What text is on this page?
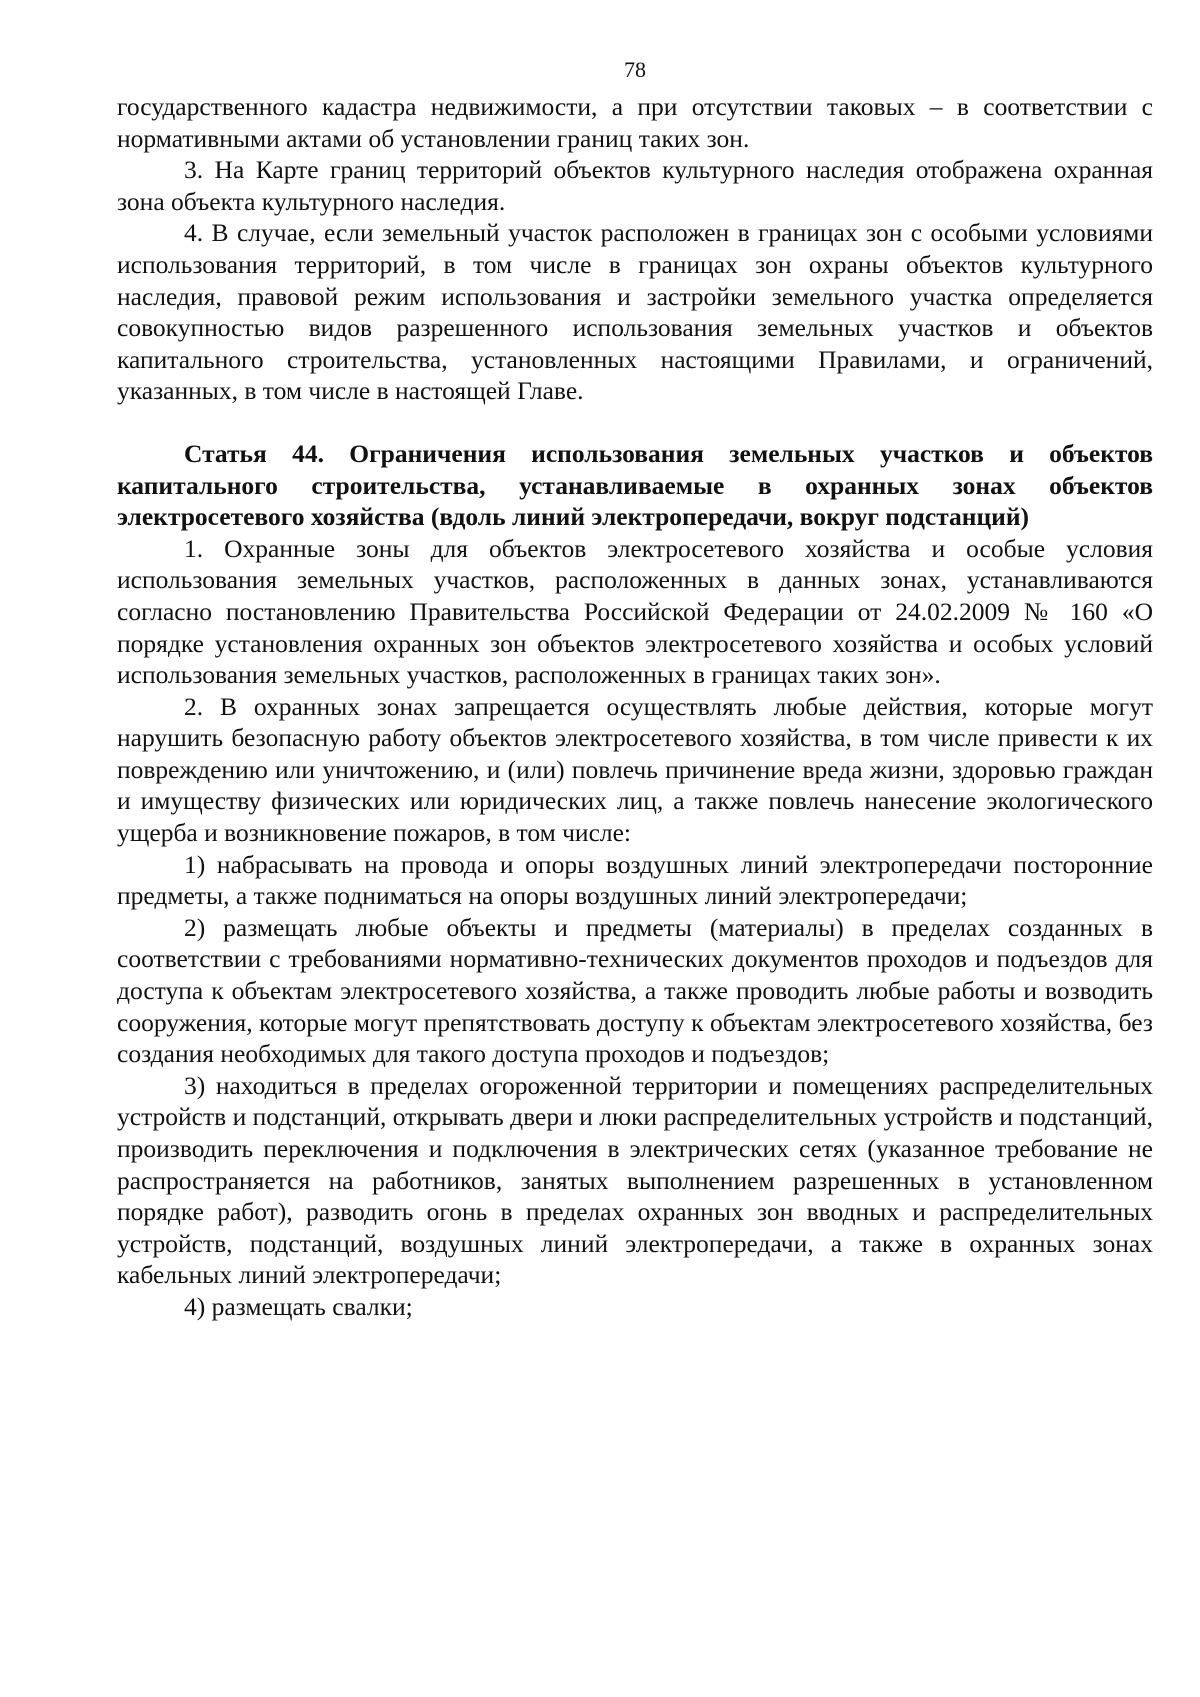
78

государственного кадастра недвижимости, а при отсутствии таковых – в соответствии с нормативными актами об установлении границ таких зон.

3. На Карте границ территорий объектов культурного наследия отображена охранная зона объекта культурного наследия.

4. В случае, если земельный участок расположен в границах зон с особыми условиями использования территорий, в том числе в границах зон охраны объектов культурного наследия, правовой режим использования и застройки земельного участка определяется совокупностью видов разрешенного использования земельных участков и объектов капитального строительства, установленных настоящими Правилами, и ограничений, указанных, в том числе в настоящей Главе.

Статья 44. Ограничения использования земельных участков и объектов капитального строительства, устанавливаемые в охранных зонах объектов электросетевого хозяйства (вдоль линий электропередачи, вокруг подстанций)

1. Охранные зоны для объектов электросетевого хозяйства и особые условия использования земельных участков, расположенных в данных зонах, устанавливаются согласно постановлению Правительства Российской Федерации от 24.02.2009 № 160 «О порядке установления охранных зон объектов электросетевого хозяйства и особых условий использования земельных участков, расположенных в границах таких зон».

2. В охранных зонах запрещается осуществлять любые действия, которые могут нарушить безопасную работу объектов электросетевого хозяйства, в том числе привести к их повреждению или уничтожению, и (или) повлечь причинение вреда жизни, здоровью граждан и имуществу физических или юридических лиц, а также повлечь нанесение экологического ущерба и возникновение пожаров, в том числе:

1) набрасывать на провода и опоры воздушных линий электропередачи посторонние предметы, а также подниматься на опоры воздушных линий электропередачи;

2) размещать любые объекты и предметы (материалы) в пределах созданных в соответствии с требованиями нормативно-технических документов проходов и подъездов для доступа к объектам электросетевого хозяйства, а также проводить любые работы и возводить сооружения, которые могут препятствовать доступу к объектам электросетевого хозяйства, без создания необходимых для такого доступа проходов и подъездов;

3) находиться в пределах огороженной территории и помещениях распределительных устройств и подстанций, открывать двери и люки распределительных устройств и подстанций, производить переключения и подключения в электрических сетях (указанное требование не распространяется на работников, занятых выполнением разрешенных в установленном порядке работ), разводить огонь в пределах охранных зон вводных и распределительных устройств, подстанций, воздушных линий электропередачи, а также в охранных зонах кабельных линий электропередачи;

4) размещать свалки;
